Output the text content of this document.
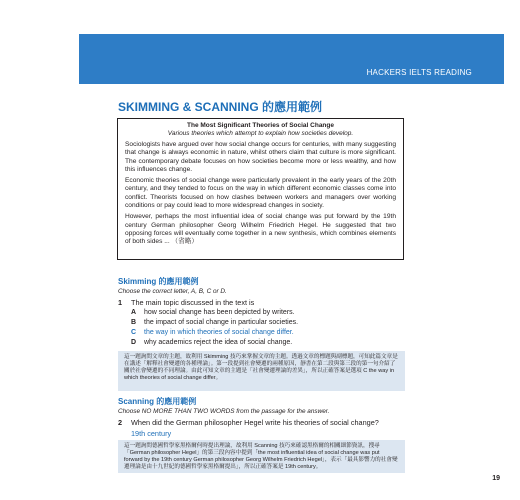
HACKERS IELTS READING
SKIMMING & SCANNING 的應用範例

The Most Significant Theories of Social Change

Various theories which attempt to explain how societies develop.

Sociologists have argued over how social change occurs for centuries, with many suggesting that change is always economic in nature, whilst others claim that culture is more significant. The contemporary debate focuses on how societies become more or less wealthy, and how this influences change.

Economic theories of social change were particularly prevalent in the early years of the 20th century, and they tended to focus on the way in which different economic classes come into conflict. Theorists focused on how clashes between workers and managers over working conditions or pay could lead to more widespread changes in society.

However, perhaps the most influential idea of social change was put forward by the 19th century German philosopher Georg Wilhelm Friedrich Hegel. He suggested that two opposing forces will eventually come together in a new synthesis, which combines elements of both sides ... （省略）

Skimming 的應用範例
Choose the correct letter, A, B, C or D.
1 The main topic discussed in the text is
A how social change has been depicted by writers.
B the impact of social change in particular societies.
C the way in which theories of social change differ.
D why academics reject the idea of social change.

這一題詢問文章的主題，故利用 Skimming 技巧來掌握文章的主題。透過文章的標題與副標題，可知此篇文章是在講述「解釋社會變遷的各種理論」。第一段提到社會變遷的兩種原因，靜書在第二段與第三段的第一句介紹了關於社會變遷的不同理論。由此可知文章的主題是「社會變遷理論的差異」，所以正確答案是選項 C the way in which theories of social change differ。

Scanning 的應用範例
Choose NO MORE THAN TWO WORDS from the passage for the answer.
2 When did the German philosopher Hegel write his theories of social change?
19th century

這一題詢問德國哲學家黑格爾何時提出理論，故利用 Scanning 技巧來確認黑格爾的相關細節資訊，搜尋「German philosopher Hegel」的第三段內容中提到「the most influential idea of social change was put forward by the 19th century German philosopher Georg Wilhelm Friedrich Hegel」，表示「最具影響力的社會變遷理論是由十九世紀的德國哲學家黑格爾提出」，所以正確答案是 19th century。

19
